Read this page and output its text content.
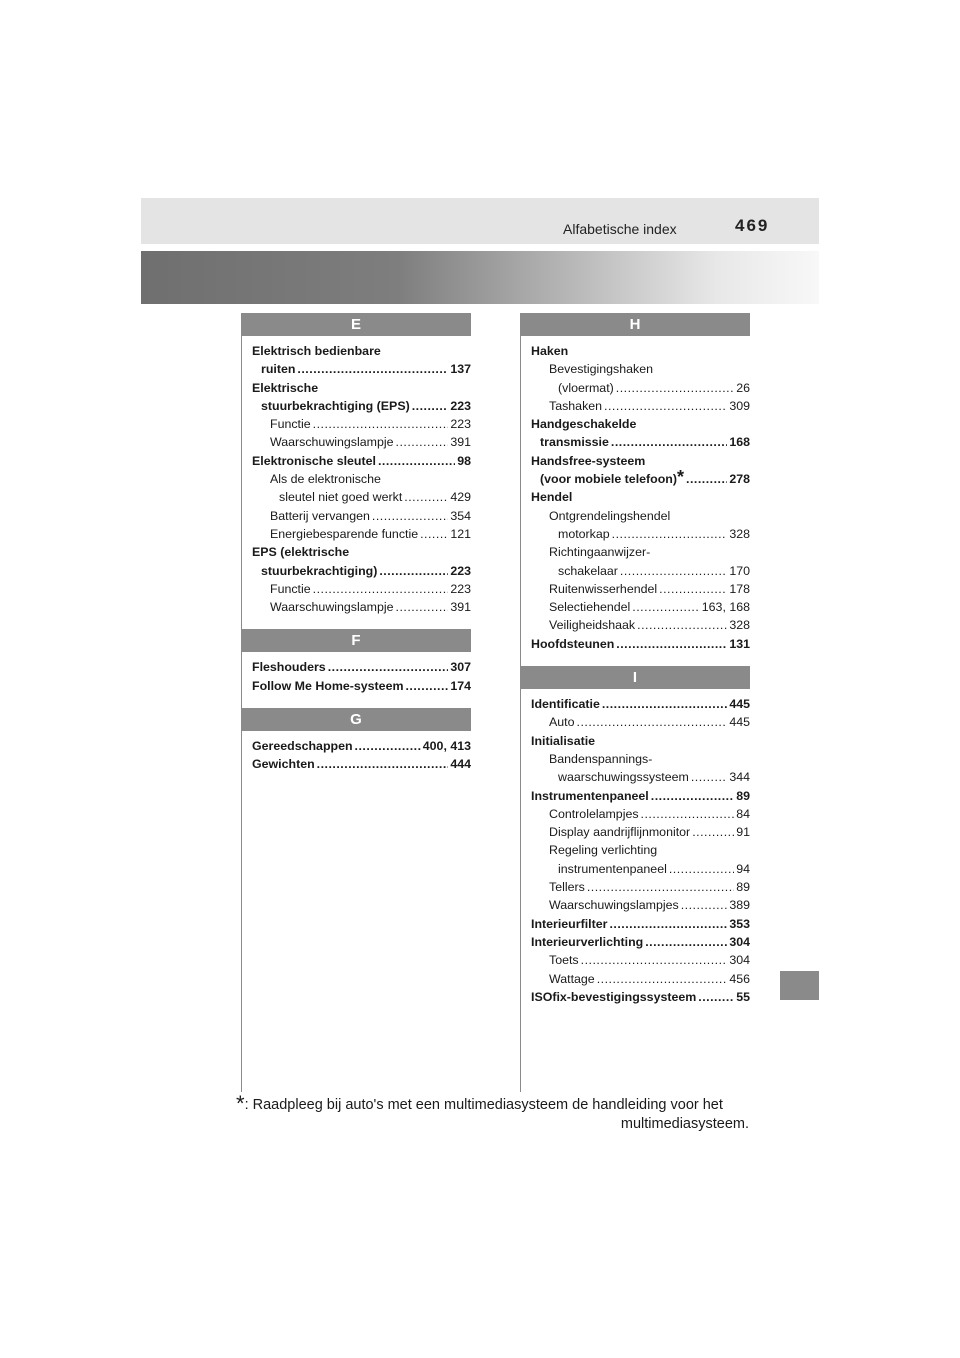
Alfabetische index	469
E
Elektrisch bedienbare
ruiten .....	137
Elektrische
stuurbekrachtiging (EPS) .....	223
Functie .....	223
Waarschuwingslampje .....	391
Elektronische sleutel .....	98
Als de elektronische
sleutel niet goed werkt .....	429
Batterij vervangen .....	354
Energiebesparende functie .....	121
EPS (elektrische
stuurbekrachtiging) .....	223
Functie .....	223
Waarschuwingslampje .....	391
F
Fleshouders .....	307
Follow Me Home-systeem .....	174
G
Gereedschappen .....	400, 413
Gewichten .....	444
H
Haken
Bevestigingshaken
(vloermat) .....	26
Tashaken .....	309
Handgeschakelde
transmissie .....	168
Handsfree-systeem
(voor mobiele telefoon) * .....	278
Hendel
Ontgrendelingshendel
motorkap .....	328
Richtingaanwijzer-
schakelaar .....	170
Ruitenwisserhendel .....	178
Selectiehendel .....	163, 168
Veiligheidshaak .....	328
Hoofdsteunen .....	131
I
Identificatie .....	445
Auto .....	445
Initialisatie
Bandenspannings-
waarschuwingssysteem .....	344
Instrumentenpaneel .....	89
Controlelampjes .....	84
Display aandrijflijnmonitor .....	91
Regeling verlichting
instrumentenpaneel .....	94
Tellers .....	89
Waarschuwingslampjes .....	389
Interieurfilter .....	353
Interieurverlichting .....	304
Toets .....	304
Wattage .....	456
ISOfix-bevestigingssysteem .....	55
*: Raadpleeg bij auto's met een multimediasysteem de handleiding voor het
multimediasysteem.
